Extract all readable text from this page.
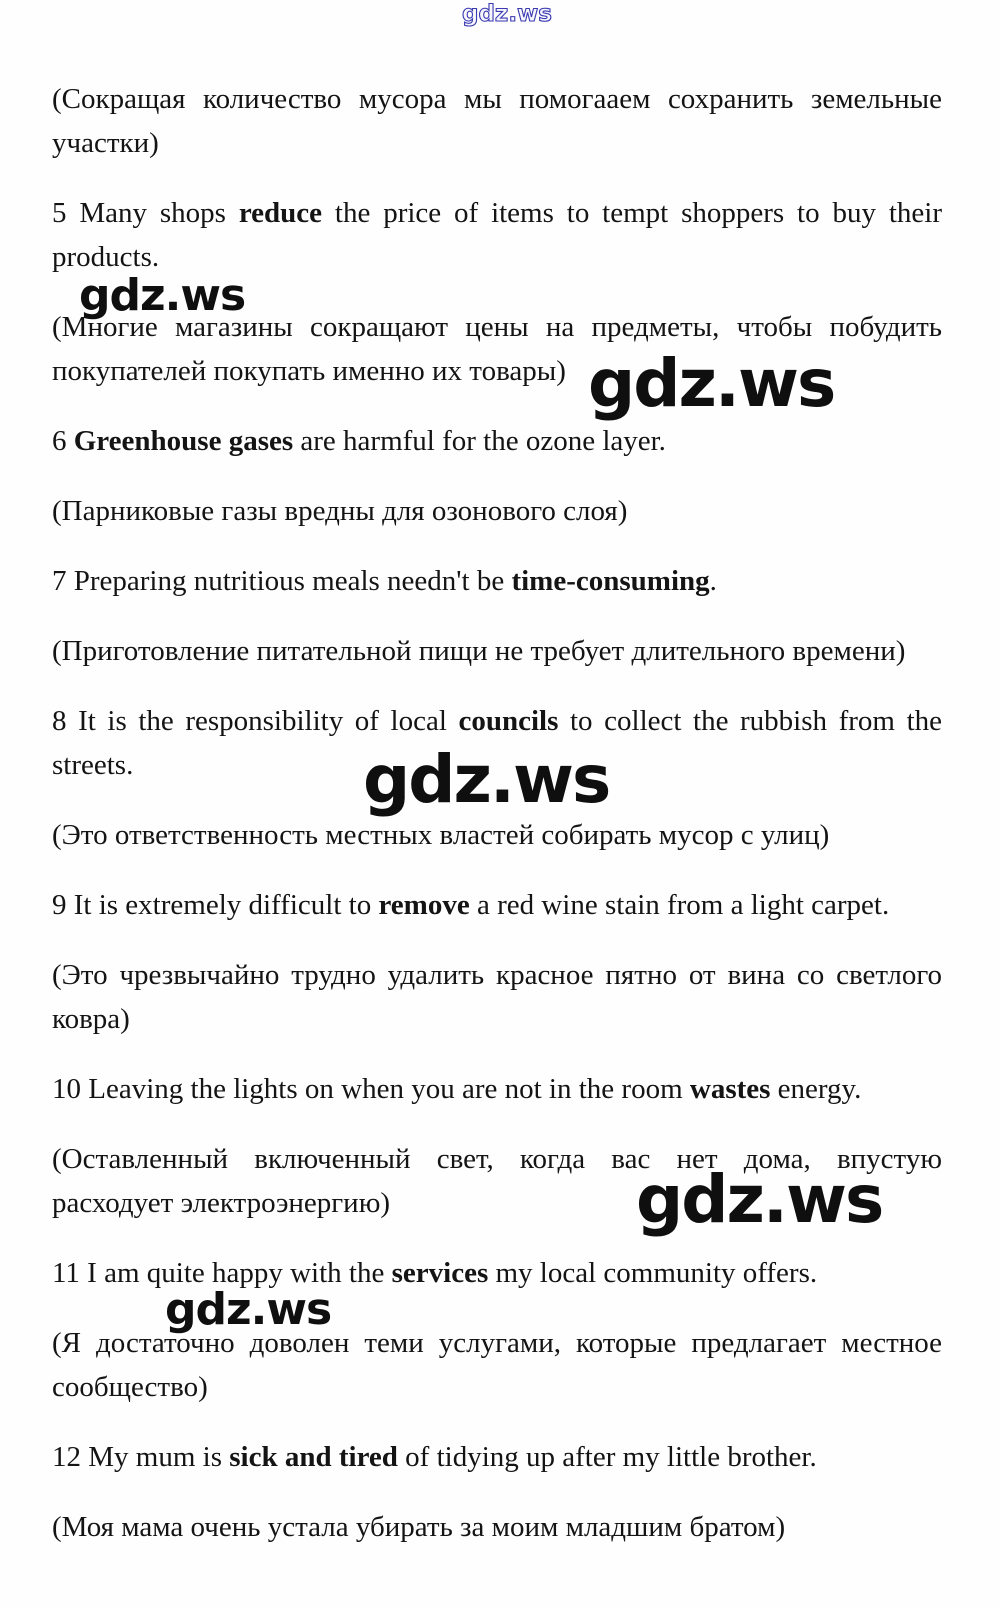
gdz.ws
gdz.ws
gdz.ws
gdz.ws
gdz.ws
gdz.ws

(Сокращая количество мусора мы помогааем сохранить земельные
участки)

5 Many shops reduce the price of items to tempt shoppers to buy their
products.

(Многие магазины сокращают цены на предметы, чтобы побудить
покупателей покупать именно их товары)

6 Greenhouse gases are harmful for the ozone layer.

(Парниковые газы вредны для озонового слоя)

7 Preparing nutritious meals needn't be time-consuming.

(Приготовление питательной пищи не требует длительного времени)

8 It is the responsibility of local councils to collect the rubbish from the
streets.

(Это ответственность местных властей собирать мусор с улиц)

9 It is extremely difficult to remove a red wine stain from a light carpet.

(Это чрезвычайно трудно удалить красное пятно от вина со светлого
ковра)

10 Leaving the lights on when you are not in the room wastes energy.

(Оставленный включенный свет, когда вас нет дома, впустую
расходует электроэнергию)

11 I am quite happy with the services my local community offers.

(Я достаточно доволен теми услугами, которые предлагает местное
сообщество)

12 My mum is sick and tired of tidying up after my little brother.

(Моя мама очень устала убирать за моим младшим братом)
